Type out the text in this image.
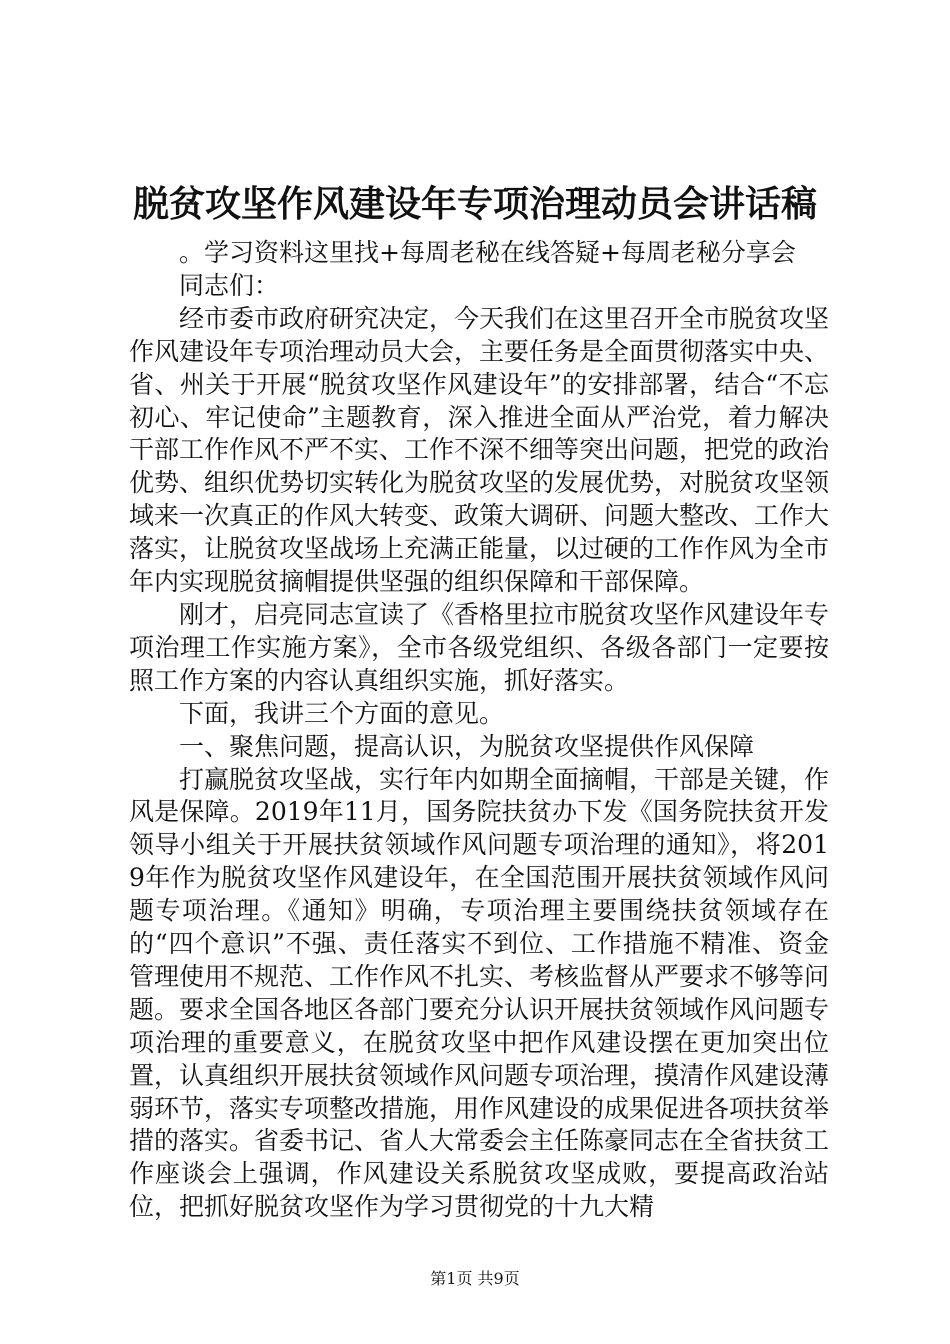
脱贫攻坚作风建设年专项治理动员会讲话稿

。学习资料这里找+每周老秘在线答疑+每周老秘分享会

同志们：

经市委市政府研究决定，今天我们在这里召开全市脱贫攻坚作风建设年专项治理动员大会，主要任务是全面贯彻落实中央、省、州关于开展“脱贫攻坚作风建设年”的安排部署，结合“不忘初心、牢记使命”主题教育，深入推进全面从严治党，着力解决干部工作作风不严不实、工作不深不细等突出问题，把党的政治优势、组织优势切实转化为脱贫攻坚的发展优势，对脱贫攻坚领域来一次真正的作风大转变、政策大调研、问题大整改、工作大落实，让脱贫攻坚战场上充满正能量，以过硬的工作作风为全市年内实现脱贫摘帽提供坚强的组织保障和干部保障。

刚才，启亮同志宣读了《香格里拉市脱贫攻坚作风建设年专项治理工作实施方案》，全市各级党组织、各级各部门一定要按照工作方案的内容认真组织实施，抓好落实。

下面，我讲三个方面的意见。

一、聚焦问题，提高认识，为脱贫攻坚提供作风保障

打赢脱贫攻坚战，实行年内如期全面摘帽，干部是关键，作风是保障。2019年11月，国务院扶贫办下发《国务院扶贫开发领导小组关于开展扶贫领域作风问题专项治理的通知》，将2019年作为脱贫攻坚作风建设年，在全国范围开展扶贫领域作风问题专项治理。《通知》明确，专项治理主要围绕扶贫领域存在的“四个意识”不强、责任落实不到位、工作措施不精准、资金管理使用不规范、工作作风不扎实、考核监督从严要求不够等问题。要求全国各地区各部门要充分认识开展扶贫领域作风问题专项治理的重要意义，在脱贫攻坚中把作风建设摆在更加突出位置，认真组织开展扶贫领域作风问题专项治理，摸清作风建设薄弱环节，落实专项整改措施，用作风建设的成果促进各项扶贫举措的落实。省委书记、省人大常委会主任陈豪同志在全省扶贫工作座谈会上强调，作风建设关系脱贫攻坚成败，要提高政治站位，把抓好脱贫攻坚作为学习贯彻党的十九大精

第1页 共9页
